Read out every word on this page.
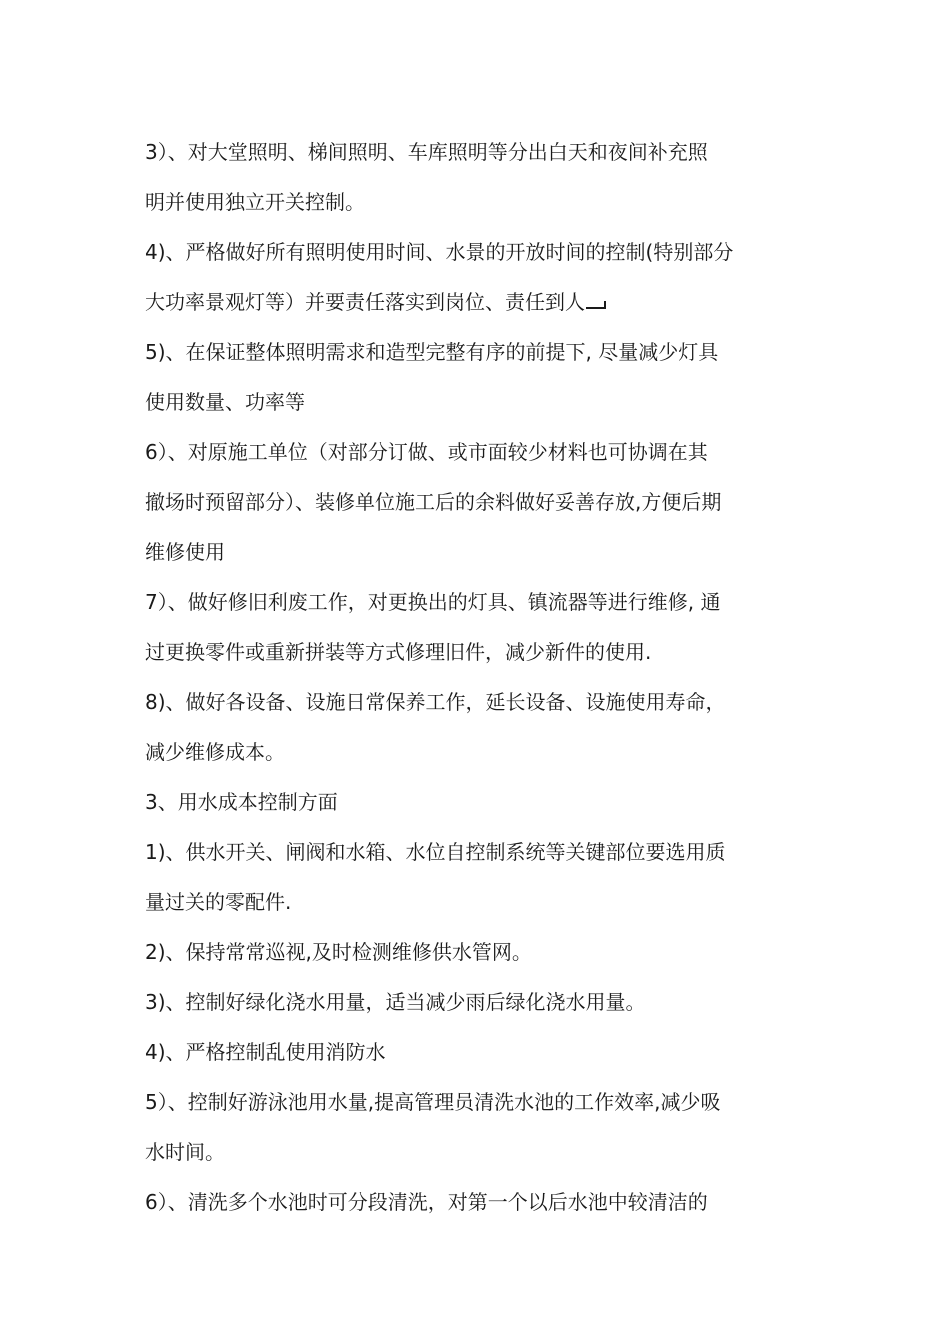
3）、对大堂照明、梯间照明、车库照明等分出白天和夜间补充照
明并使用独立开关控制。
4)、严格做好所有照明使用时间、水景的开放时间的控制(特别部分
大功率景观灯等）并要责任落实到岗位、责任到人
5)、在保证整体照明需求和造型完整有序的前提下, 尽量减少灯具
使用数量、功率等
6）、对原施工单位（对部分订做、或市面较少材料也可协调在其
撤场时预留部分）、装修单位施工后的余料做好妥善存放,方便后期
维修使用
7）、做好修旧利废工作，对更换出的灯具、镇流器等进行维修, 通
过更换零件或重新拼装等方式修理旧件，减少新件的使用.
8)、做好各设备、设施日常保养工作，延长设备、设施使用寿命，
减少维修成本。
3、用水成本控制方面
1)、供水开关、闸阀和水箱、水位自控制系统等关键部位要选用质
量过关的零配件.
2)、保持常常巡视,及时检测维修供水管网。
3)、控制好绿化浇水用量，适当减少雨后绿化浇水用量。
4)、严格控制乱使用消防水
5）、控制好游泳池用水量,提高管理员清洗水池的工作效率,减少吸
水时间。
6）、清洗多个水池时可分段清洗，对第一个以后水池中较清洁的
